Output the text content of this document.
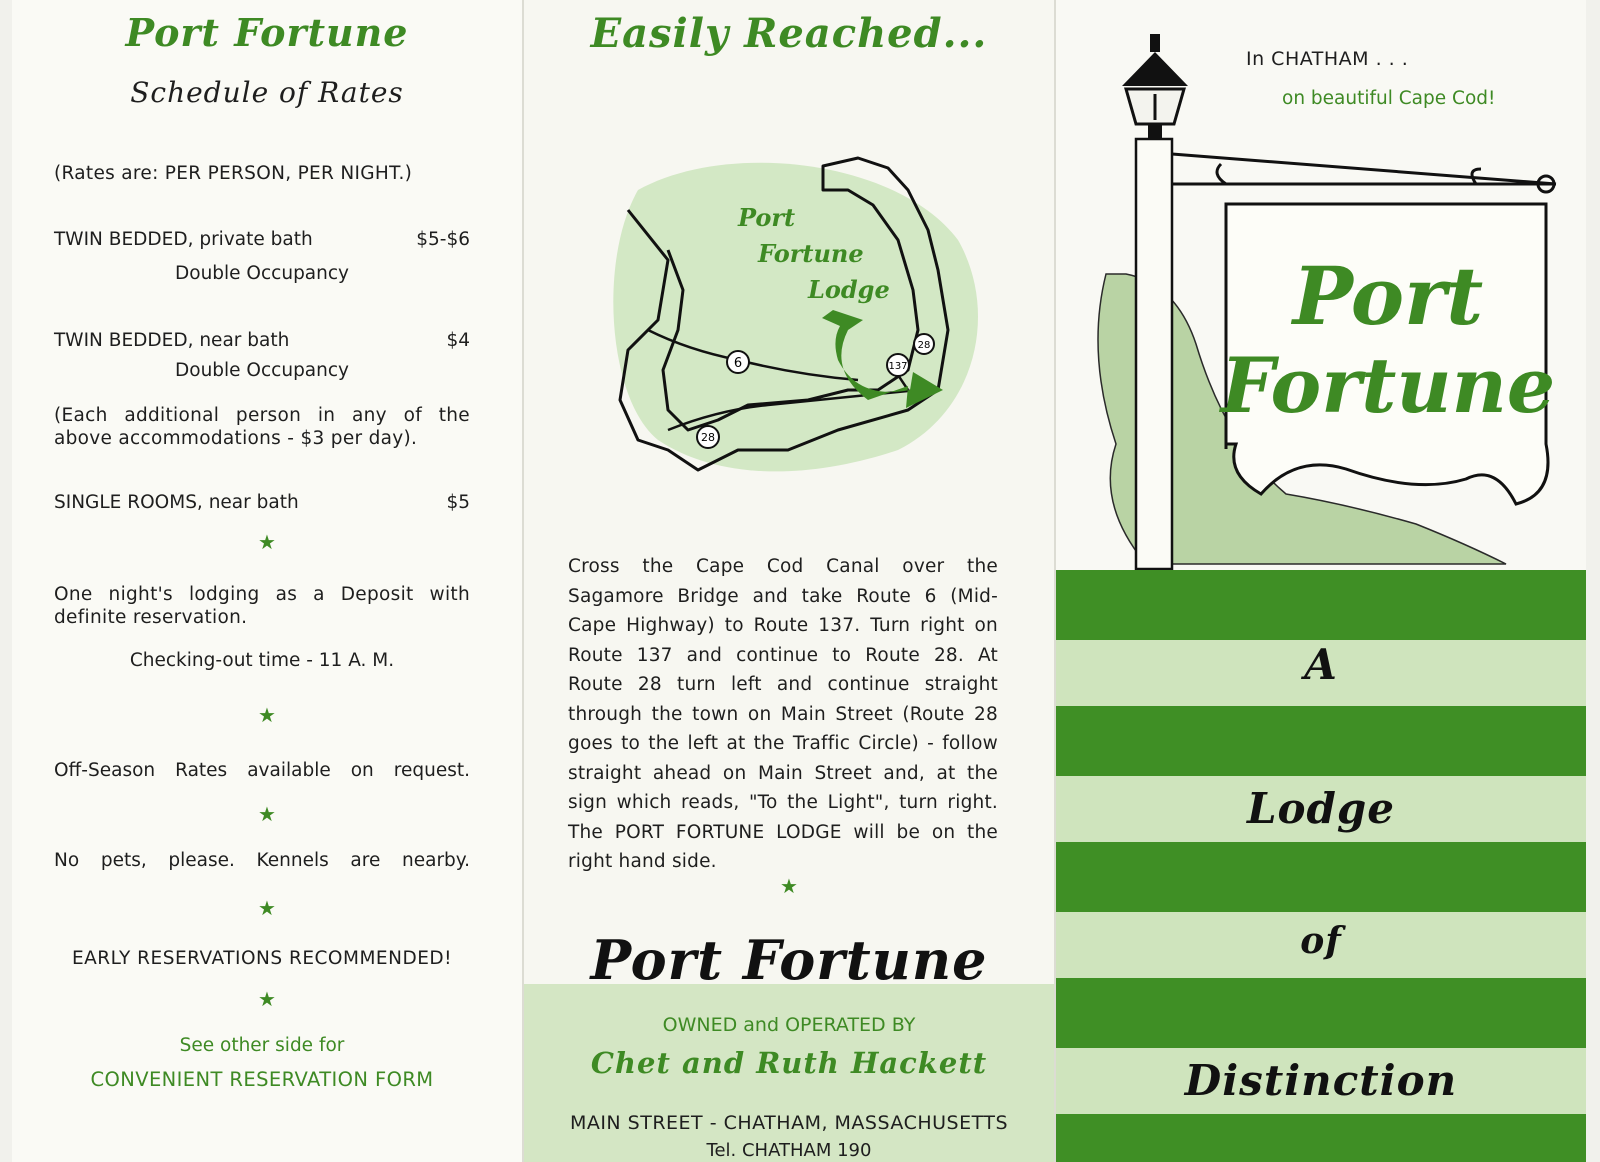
Port Fortune
Schedule of Rates
(Rates are: PER PERSON, PER NIGHT.)
TWIN BEDDED, private bath	$5-$6
Double Occupancy
TWIN BEDDED, near bath	$4
Double Occupancy
(Each additional person in any of the above accommodations - $3 per day).
SINGLE ROOMS, near bath	$5
★
One night's lodging as a Deposit with definite reservation.
Checking-out time - 11 A. M.
★
Off-Season Rates available on request.
★
No pets, please. Kennels are nearby.
★
EARLY RESERVATIONS RECOMMENDED!
★
See other side for
CONVENIENT RESERVATION FORM
Easily Reached...
6
28
137
28
Port
Fortune
Lodge
Cross the Cape Cod Canal over the Sagamore Bridge and take Route 6 (Mid-Cape Highway) to Route 137. Turn right on Route 137 and continue to Route 28. At Route 28 turn left and continue straight through the town on Main Street (Route 28 goes to the left at the Traffic Circle) - follow straight ahead on Main Street and, at the sign which reads, "To the Light", turn right. The PORT FORTUNE LODGE will be on the right hand side.
★
Port Fortune
OWNED and OPERATED BY
Chet and Ruth Hackett
MAIN STREET - CHATHAM, MASSACHUSETTS
Tel. CHATHAM 190
Port
Fortune
In CHATHAM . . .
on beautiful Cape Cod!
A
Lodge
of
Distinction
